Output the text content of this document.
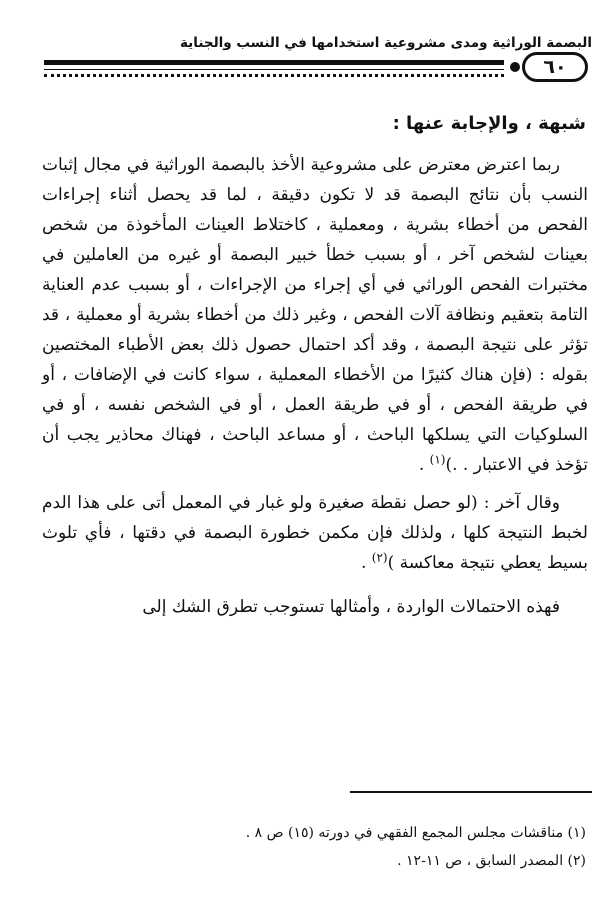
البصمة الوراثية ومدى مشروعية استخدامها في النسب والجناية
٦٠
شبهة ، والإجابة عنها :

ربما اعترض معترض على مشروعية الأخذ بالبصمة الوراثية في مجال إثبات النسب بأن نتائج البصمة قد لا تكون دقيقة ، لما قد يحصل أثناء إجراءات الفحص من أخطاء بشرية ، ومعملية ، كاختلاط العينات المأخوذة من شخص بعينات لشخص آخر ، أو بسبب خطأ خبير البصمة أو غيره من العاملين في مختبرات الفحص الوراثي في أي إجراء من الإجراءات ، أو بسبب عدم العناية التامة بتعقيم ونظافة آلات الفحص ، وغير ذلك من أخطاء بشرية أو معملية ، قد تؤثر على نتيجة البصمة ، وقد أكد احتمال حصول ذلك بعض الأطباء المختصين بقوله : (فإن هناك كثيرًا من الأخطاء المعملية ، سواء كانت في الإضافات ، أو في طريقة الفحص ، أو في طريقة العمل ، أو في الشخص نفسه ، أو في السلوكيات التي يسلكها الباحث ، أو مساعد الباحث ، فهناك محاذير يجب أن تؤخذ في الاعتبار . .)$^{(١)}$ .

وقال آخر : (لو حصل نقطة صغيرة ولو غبار في المعمل أتى على هذا الدم لخبط النتيجة كلها ، ولذلك فإن مكمن خطورة البصمة في دقتها ، فأي تلوث بسيط يعطي نتيجة معاكسة )$^{(٢)}$ .

فهذه الاحتمالات الواردة ، وأمثالها تستوجب تطرق الشك إلى

(١) مناقشات مجلس المجمع الفقهي في دورته (١٥) ص ٨ .

(٢) المصدر السابق ، ص ١١-١٢ .
